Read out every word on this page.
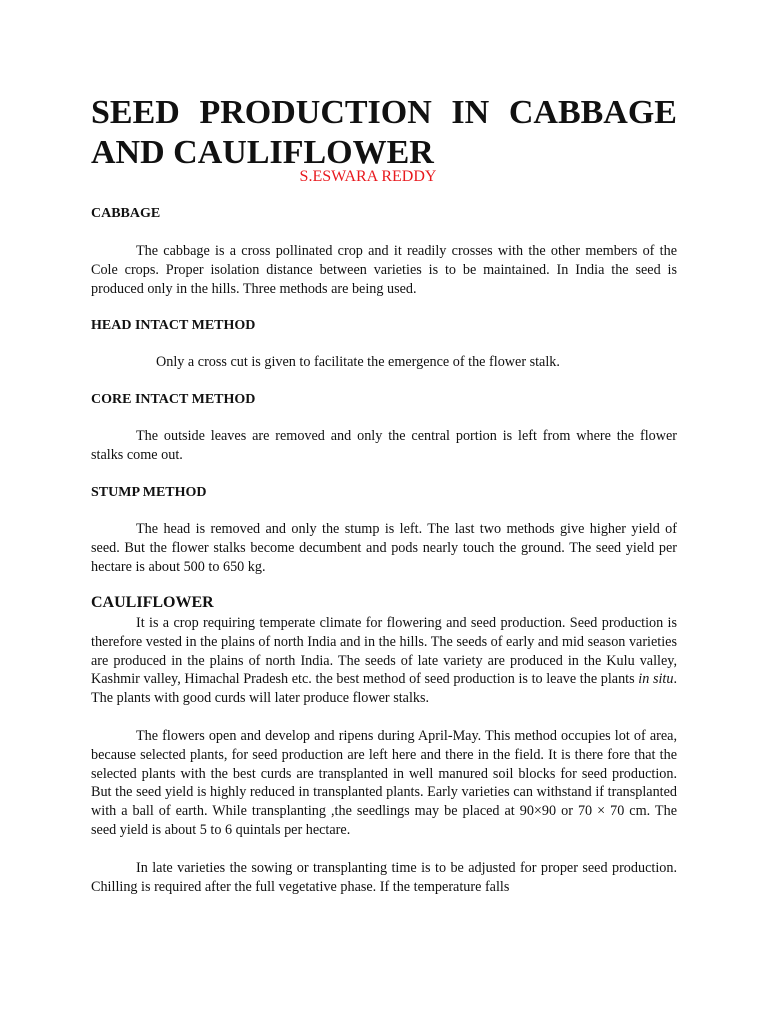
SEED PRODUCTION IN CABBAGE AND CAULIFLOWER
S.ESWARA REDDY
CABBAGE

The cabbage is a cross pollinated crop and it readily crosses with the other members of the Cole crops. Proper isolation distance between varieties is to be maintained. In India the seed is produced only in the hills. Three methods are being used.

HEAD INTACT METHOD

Only a cross cut is given to facilitate the emergence of the flower stalk.

CORE INTACT METHOD

The outside leaves are removed and only the central portion is left from where the flower stalks come out.

STUMP METHOD

The head is removed and only the stump is left. The last two methods give higher yield of seed. But the flower stalks become decumbent and pods nearly touch the ground. The seed yield per hectare is about 500 to 650 kg.

CAULIFLOWER

It is a crop requiring temperate climate for flowering and seed production. Seed production is therefore vested in the plains of north India and in the hills. The seeds of early and mid season varieties are produced in the plains of north India. The seeds of late variety are produced in the Kulu valley, Kashmir valley, Himachal Pradesh etc. the best method of seed production is to leave the plants in situ. The plants with good curds will later produce flower stalks.

The flowers open and develop and ripens during April-May. This method occupies lot of area, because selected plants, for seed production are left here and there in the field. It is there fore that the selected plants with the best curds are transplanted in well manured soil blocks for seed production. But the seed yield is highly reduced in transplanted plants. Early varieties can withstand if transplanted with a ball of earth. While transplanting ,the seedlings may be placed at 90×90 or 70 × 70 cm. The seed yield is about 5 to 6 quintals per hectare.

In late varieties the sowing or transplanting time is to be adjusted for proper seed production. Chilling is required after the full vegetative phase. If the temperature falls
